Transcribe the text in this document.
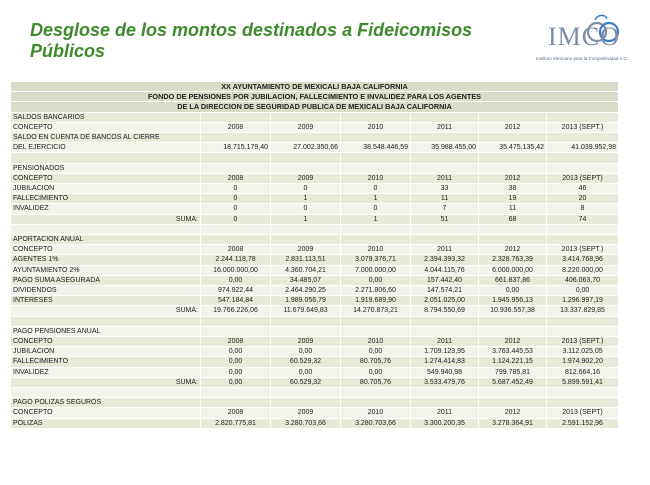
Desglose de los montos destinados a Fideicomisos Públicos	IMCO
Instituto Mexicano para la Competitividad A.C.
XX AYUNTAMIENTO DE MEXICALI BAJA CALIFORNIA						
FONDO DE PENSIONES POR JUBILACION, FALLECIMIENTO E INVALIDEZ PARA LOS AGENTES						
DE LA DIRECCION DE SEGURIDAD PUBLICA DE MEXICALI BAJA CALIFORNIA						
SALDOS BANCARIOS						
CONCEPTO	2008	2009	2010	2011	2012	2013 (SEPT.)
SALDO EN CUENTA DE BANCOS AL CIERRE						
DEL EJERCICIO	18.715.179,40	27.002.350,66	38.548.446,59	35.988.455,00	35.475.135,42	41.039.952,98

PENSIONADOS						
CONCEPTO	2008	2009	2010	2011	2012	2013 (SEPT)
JUBILACION	0	0	0	33	38	46
FALLECIMIENTO	0	1	1	11	19	20
INVALIDEZ	0	0	0	7	11	8
SUMA:	0	1	1	51	68	74

APORTACION ANUAL						
CONCEPTO	2008	2009	2010	2011	2012	2013 (SEPT.)
AGENTES 1%	2.244.118,78	2.831.113,51	3.079.376,71	2.394.393,32	2.328.763,39	3.414.768,96
AYUNTAMIENTO 2%	16.000.000,00	4.360.704,21	7.000.000,00	4.044.115,76	6.000.000,00	8.220.000,00
PAGO SUMA ASEGURADA	0,00	34.485,07	0,00	157.442,40	661.837,86	406.063,70
DIVIDENDOS	974.922,44	2.464.290,25	2.271.806,60	147.574,21	0,00	0,00
INTERESES	547.184,84	1.989.056,79	1.919.689,90	2.051.025,00	1.945.956,13	1.296.997,19
SUMA:	19.766.226,06	11.679.649,83	14.270.873,21	8.794.550,69	10.936.557,38	13.337.829,85

PAGO PENSIONES ANUAL						
CONCEPTO	2008	2009	2010	2011	2012	2013 (SEPT.)
JUBILACION	0,00	0,00	0,00	1.709.123,95	3.763.445,53	3.112.025,05
FALLECIMIENTO	0,00	60.529,32	80.705,76	1.274.414,83	1.124.221,15	1.974.902,20
INVALIDEZ	0,00	0,00	0,00	549.940,98	799.785,81	812.664,16
SUMA:	0,00	60.529,32	80.705,76	3.533.479,76	5.687.452,49	5.899.591,41

PAGO POLIZAS SEGUROS						
CONCEPTO	2008	2009	2010	2011	2012	2013 (SEPT)
POLIZAS	2.820.775,81	3.280.703,66	3.280.703,66	3.300.200,35	3.278.364,91	2.591.152,96
